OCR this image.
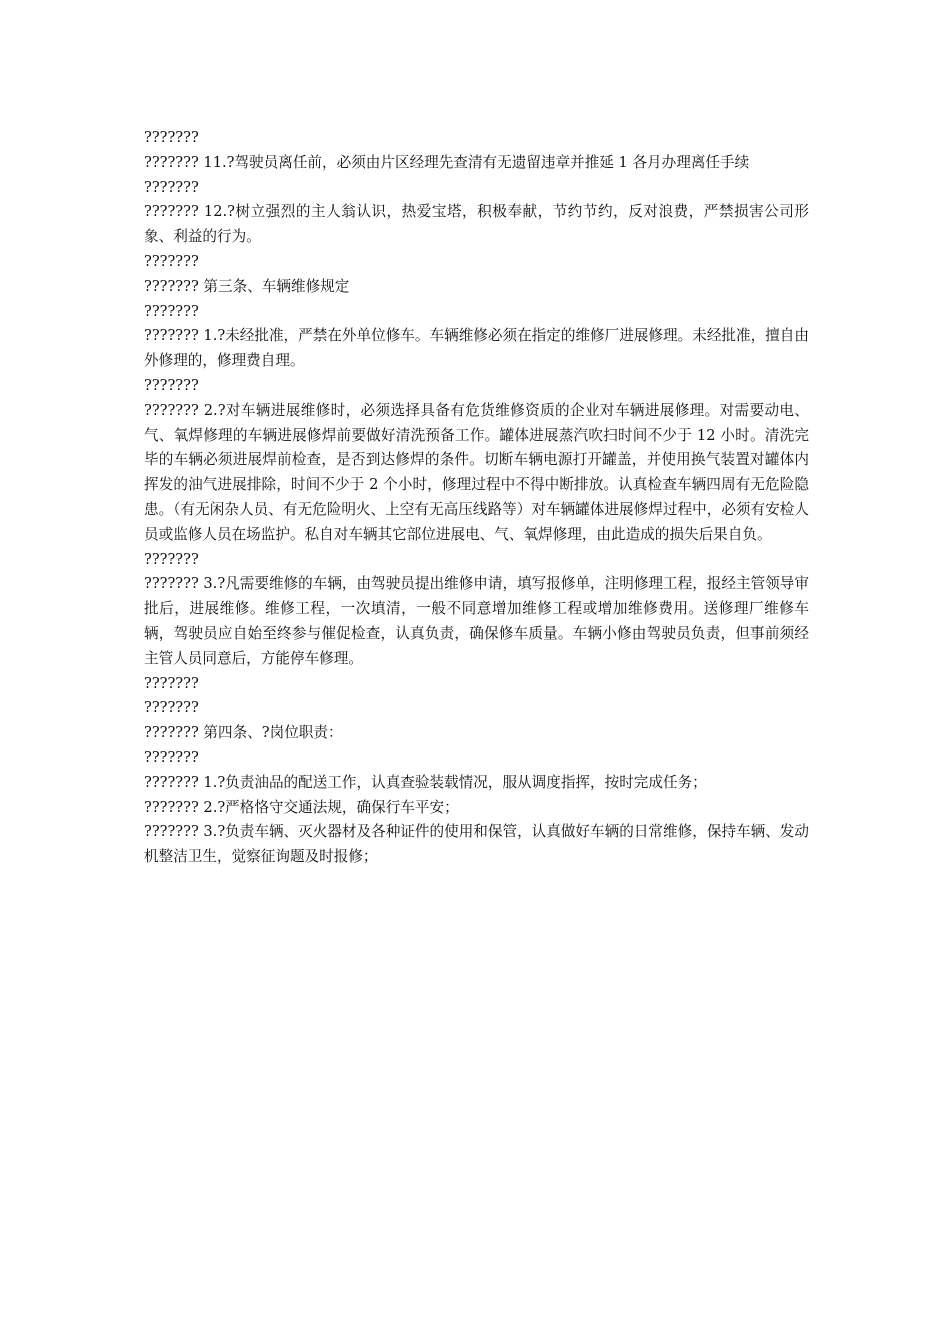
???????

??????? 11.?驾驶员离任前，必须由片区经理先查清有无遗留违章并推延 1 各月办理离任手续

???????

??????? 12.?树立强烈的主人翁认识，热爱宝塔，积极奉献，节约节约，反对浪费，严禁损害公司形象、利益的行为。

???????

??????? 第三条、车辆维修规定

???????

??????? 1.?未经批准，严禁在外单位修车。车辆维修必须在指定的维修厂进展修理。未经批准，擅自由外修理的，修理费自理。

???????

??????? 2.?对车辆进展维修时，必须选择具备有危货维修资质的企业对车辆进展修理。对需要动电、气、氧焊修理的车辆进展修焊前要做好清洗预备工作。罐体进展蒸汽吹扫时间不少于 12 小时。清洗完毕的车辆必须进展焊前检查，是否到达修焊的条件。切断车辆电源打开罐盖，并使用换气装置对罐体内挥发的油气进展排除，时间不少于 2 个小时，修理过程中不得中断排放。认真检查车辆四周有无危险隐患。（有无闲杂人员、有无危险明火、上空有无高压线路等）对车辆罐体进展修焊过程中，必须有安检人员或监修人员在场监护。私自对车辆其它部位进展电、气、氧焊修理，由此造成的损失后果自负。

???????

??????? 3.?凡需要维修的车辆，由驾驶员提出维修申请，填写报修单，注明修理工程，报经主管领导审批后，进展维修。维修工程，一次填清，一般不同意增加维修工程或增加维修费用。送修理厂维修车辆，驾驶员应自始至终参与催促检查，认真负责，确保修车质量。车辆小修由驾驶员负责，但事前须经主管人员同意后，方能停车修理。

???????

???????

??????? 第四条、?岗位职责：

???????

??????? 1.?负责油品的配送工作，认真查验装载情况，服从调度指挥，按时完成任务；

??????? 2.?严格恪守交通法规，确保行车平安；

??????? 3.?负责车辆、灭火器材及各种证件的使用和保管，认真做好车辆的日常维修，保持车辆、发动机整洁卫生，觉察征询题及时报修；
